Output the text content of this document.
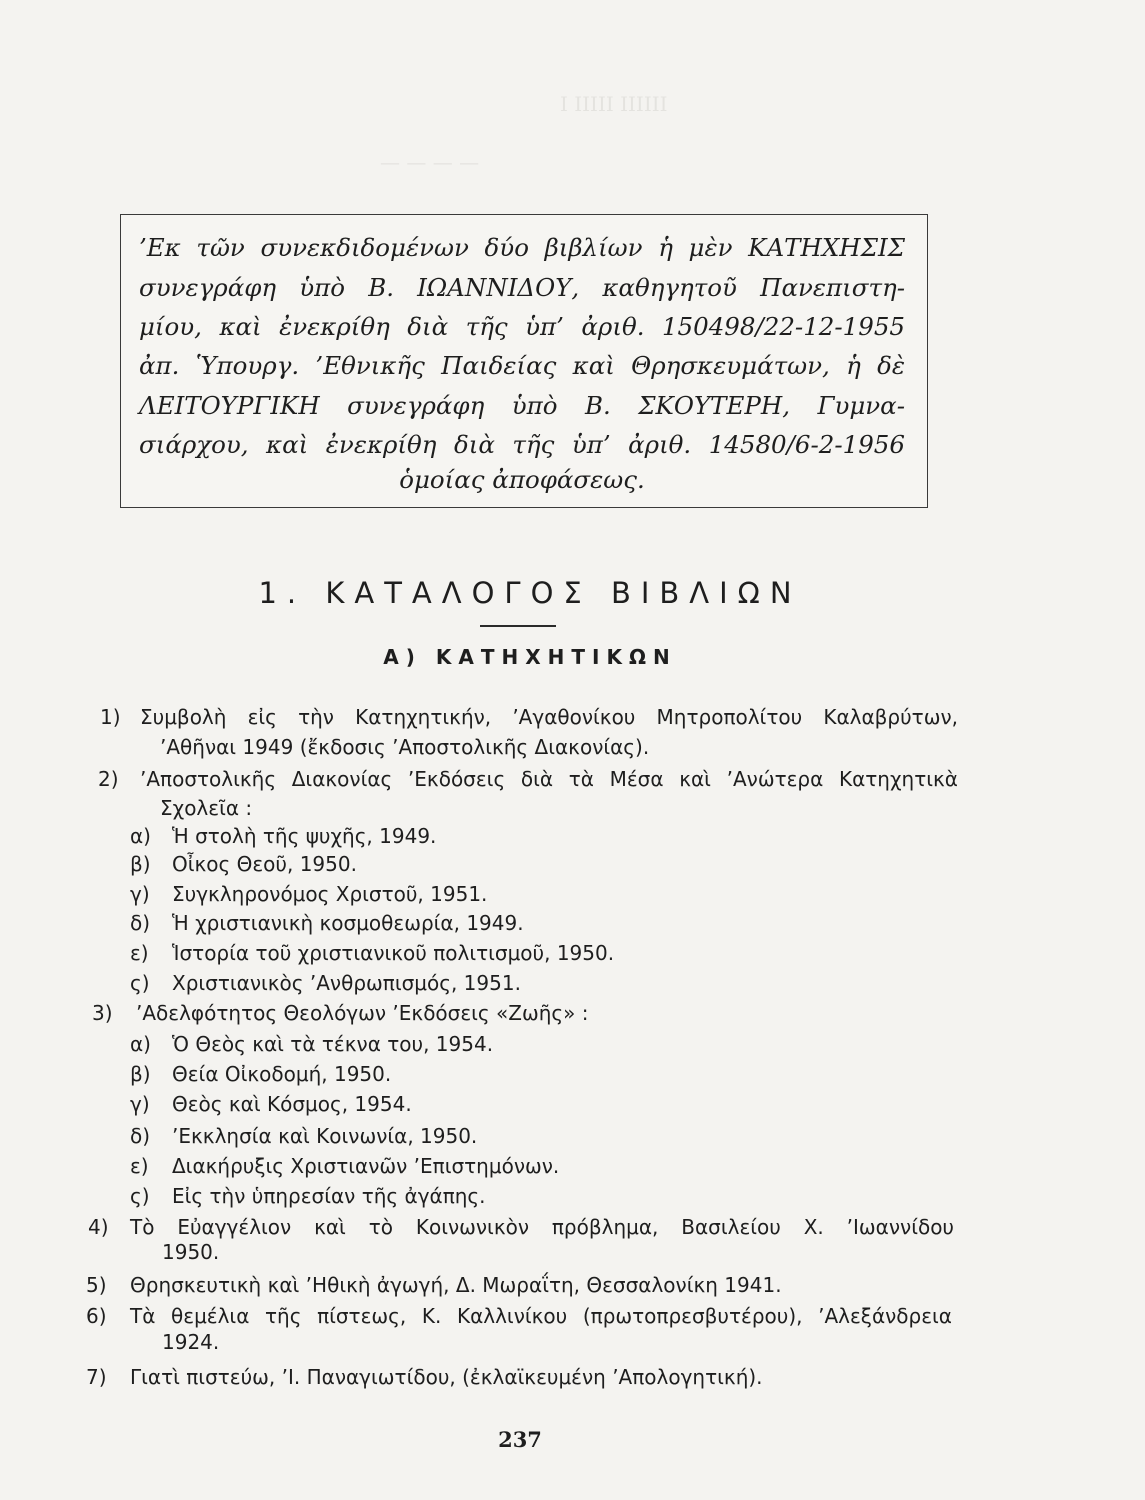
Ι ΙΙΙΙΙ ΙΙΙΙΙΙ
— — — —
’Εκ τῶν συνεκδιδομένων δύο βιβλίων ἡ μὲν ΚΑΤΗΧΗΣΙΣ
συνεγράφη ὑπὸ Β. ΙΩΑΝΝΙΔΟΥ, καθηγητοῦ Πανεπιστη-
μίου, καὶ ἐνεκρίθη διὰ τῆς ὑπ’ ἀριθ. 150498/22-12-1955
ἀπ. Ὑπουργ. ’Εθνικῆς Παιδείας καὶ Θρησκευμάτων, ἡ δὲ
ΛΕΙΤΟΥΡΓΙΚΗ συνεγράφη ὑπὸ Β. ΣΚΟΥΤΕΡΗ, Γυμνα-
σιάρχου, καὶ ἐνεκρίθη διὰ τῆς ὑπ’ ἀριθ. 14580/6-2-1956
ὁμοίας ἀποφάσεως.
1. ΚΑΤΑΛΟΓΟΣ ΒΙΒΛΙΩΝ
Α) ΚΑΤΗΧΗΤΙΚΩΝ
1) Συμβολὴ εἰς τὴν Κατηχητικήν, ’Αγαθονίκου Μητροπολίτου Καλαβρύτων,
’Αθῆναι 1949 (ἔκδοσις ’Αποστολικῆς Διακονίας).
2)	’Αποστολικῆς Διακονίας ’Εκδόσεις διὰ τὰ Μέσα καὶ ’Ανώτερα Κατηχητικὰ
Σχολεῖα :
α)	Ἡ στολὴ τῆς ψυχῆς, 1949.
β)	Οἶκος Θεοῦ, 1950.
γ)	Συγκληρονόμος Χριστοῦ, 1951.
δ)	Ἡ χριστιανικὴ κοσμοθεωρία, 1949.
ε)	Ἱστορία τοῦ χριστιανικοῦ πολιτισμοῦ, 1950.
ς)	Χριστιανικὸς ’Ανθρωπισμός, 1951.
3)	’Αδελφότητος Θεολόγων ’Εκδόσεις «Ζωῆς» :
α)	Ὁ Θεὸς καὶ τὰ τέκνα του, 1954.
β)	Θεία Οἰκοδομή, 1950.
γ)	Θεὸς καὶ Κόσμος, 1954.
δ)	’Εκκλησία καὶ Κοινωνία, 1950.
ε)	Διακήρυξις Χριστιανῶν ’Επιστημόνων.
ς)	Εἰς τὴν ὑπηρεσίαν τῆς ἀγάπης.
4)	Τὸ Εὐαγγέλιον καὶ τὸ Κοινωνικὸν πρόβλημα, Βασιλείου Χ. ’Ιωαννίδου
1950.
5)	Θρησκευτικὴ καὶ ’Ηθικὴ ἀγωγή, Δ. Μωραΐτη, Θεσσαλονίκη 1941.
6)	Τὰ θεμέλια τῆς πίστεως, Κ. Καλλινίκου (πρωτοπρεσβυτέρου), ’Αλεξάνδρεια
1924.
7)	Γιατὶ πιστεύω, ’Ι. Παναγιωτίδου, (ἐκλαϊκευμένη ’Απολογητική).
237
